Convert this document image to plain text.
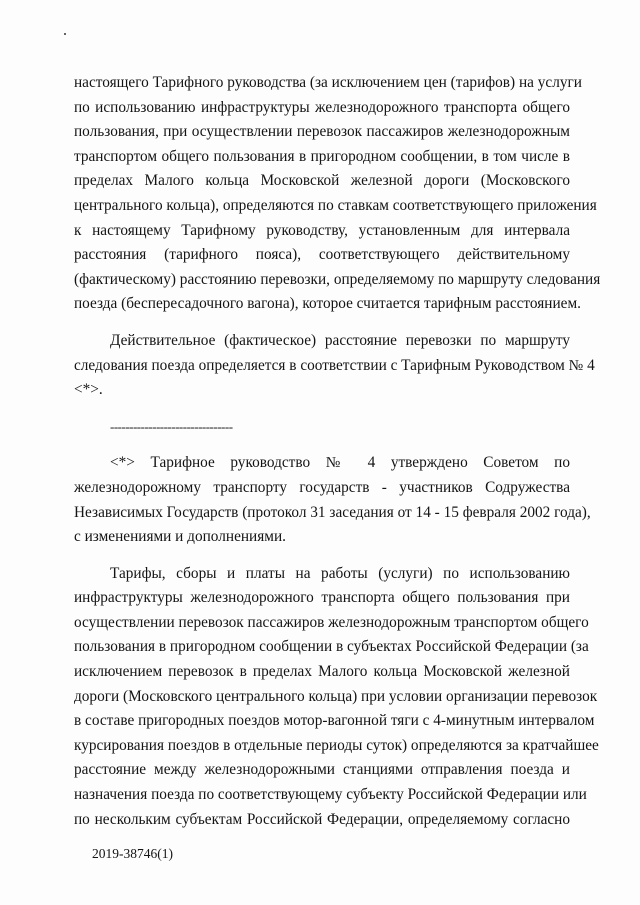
настоящего Тарифного руководства (за исключением цен (тарифов) на услуги
по использованию инфраструктуры железнодорожного транспорта общего
пользования, при осуществлении перевозок пассажиров железнодорожным
транспортом общего пользования в пригородном сообщении, в том числе в
пределах Малого кольца Московской железной дороги (Московского
центрального кольца), определяются по ставкам соответствующего приложения
к настоящему Тарифному руководству, установленным для интервала
расстояния (тарифного пояса), соответствующего действительному
(фактическому) расстоянию перевозки, определяемому по маршруту следования
поезда (беспересадочного вагона), которое считается тарифным расстоянием.
Действительное (фактическое) расстояние перевозки по маршруту
следования поезда определяется в соответствии с Тарифным Руководством № 4
<*>.
--------------------------------
<*> Тарифное руководство № 4 утверждено Советом по
железнодорожному транспорту государств - участников Содружества
Независимых Государств (протокол 31 заседания от 14 - 15 февраля 2002 года),
с изменениями и дополнениями.
Тарифы, сборы и платы на работы (услуги) по использованию
инфраструктуры железнодорожного транспорта общего пользования при
осуществлении перевозок пассажиров железнодорожным транспортом общего
пользования в пригородном сообщении в субъектах Российской Федерации (за
исключением перевозок в пределах Малого кольца Московской железной
дороги (Московского центрального кольца) при условии организации перевозок
в составе пригородных поездов мотор-вагонной тяги с 4-минутным интервалом
курсирования поездов в отдельные периоды суток) определяются за кратчайшее
расстояние между железнодорожными станциями отправления поезда и
назначения поезда по соответствующему субъекту Российской Федерации или
по нескольким субъектам Российской Федерации, определяемому согласно
2019-38746(1)
